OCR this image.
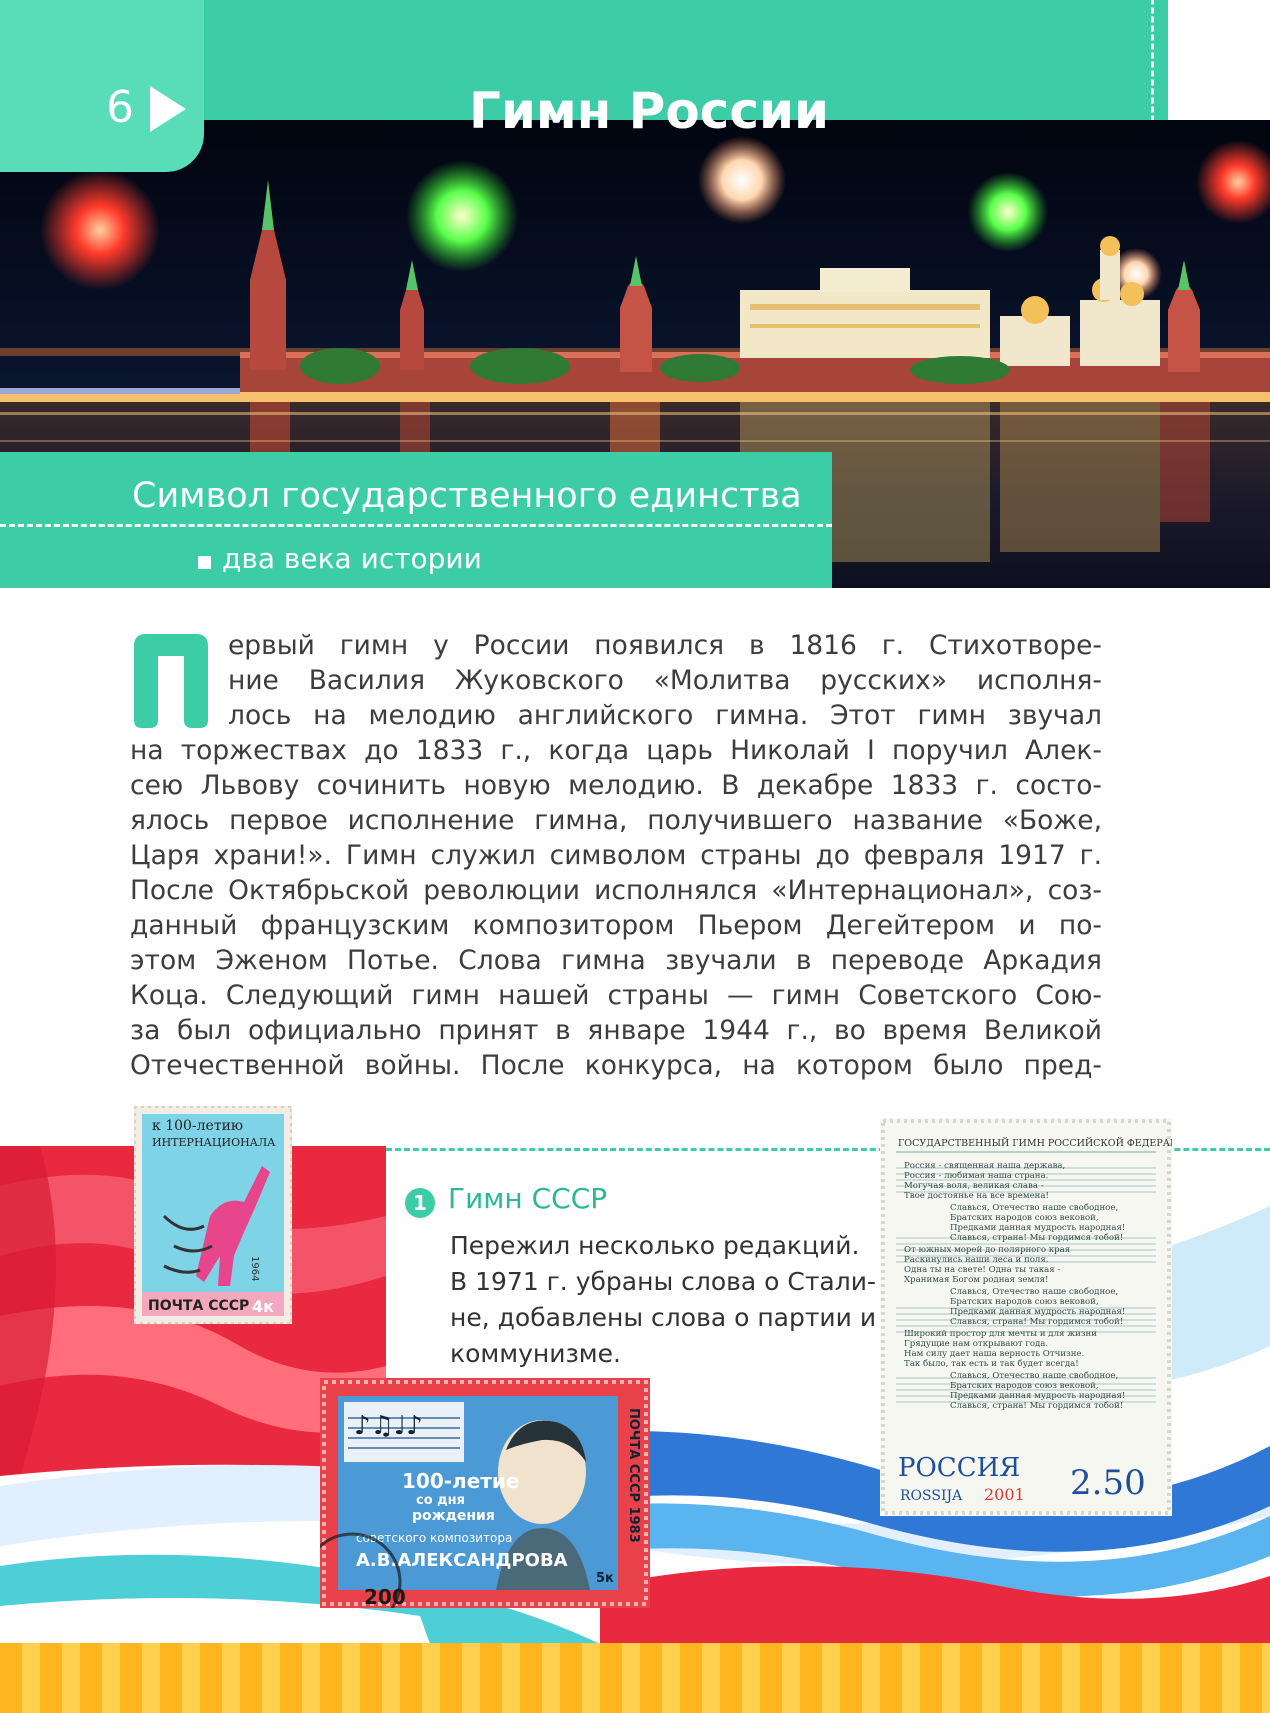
6	Гимн России
Символ государственного единства
два века истории
П
ервый гимн у России появился в 1816 г. Стихотворе-
ние Василия Жуковского «Молитва русских» исполня-
лось на мелодию английского гимна. Этот гимн звучал
на торжествах до 1833 г., когда царь Николай I поручил Алек-
сею Львову сочинить новую мелодию. В декабре 1833 г. состо-
ялось первое исполнение гимна, получившего название «Боже,
Царя храни!». Гимн служил символом страны до февраля 1917 г.
После Октябрьской революции исполнялся «Интернационал», соз-
данный французским композитором Пьером Дегейтером и по-
этом Эженом Потье. Слова гимна звучали в переводе Аркадия
Коца. Следующий гимн нашей страны — гимн Советского Сою-
за был официально принят в январе 1944 г., во время Великой
Отечественной войны. После конкурса, на котором было пред-
1 Гимн СССР
Пережил несколько редакций.
В 1971 г. убраны слова о Стали-
не, добавлены слова о партии и
коммунизме.
к 100-летию
ИНТЕРНАЦИОНАЛА
1964
ПОЧТА СССР 4к
♪♫♩♪
100-летие
со дня
рождения
советского композитора
А.В.АЛЕКСАНДРОВА
ПОЧТА СССР 1983
5к
200
ГОСУДАРСТВЕННЫЙ ГИМН РОССИЙСКОЙ ФЕДЕРАЦИИ
Россия - священная наша держава,
Россия - любимая наша страна.
Могучая воля, великая слава -
Твое достоянье на все времена!
Славься, Отечество наше свободное,
Братских народов союз вековой,
Предками данная мудрость народная!
Славься, страна! Мы гордимся тобой!
От южных морей до полярного края
Раскинулись наши леса и поля.
Одна ты на свете! Одна ты такая -
Хранимая Богом родная земля!
Славься, Отечество наше свободное,
Братских народов союз вековой,
Предками данная мудрость народная!
Славься, страна! Мы гордимся тобой!
Широкий простор для мечты и для жизни
Грядущие нам открывают года.
Нам силу дает наша верность Отчизне.
Так было, так есть и так будет всегда!
Славься, Отечество наше свободное,
Братских народов союз вековой,
Предками данная мудрость народная!
Славься, страна! Мы гордимся тобой!
РОССИЯ
ROSSIJA 2001 2.50
